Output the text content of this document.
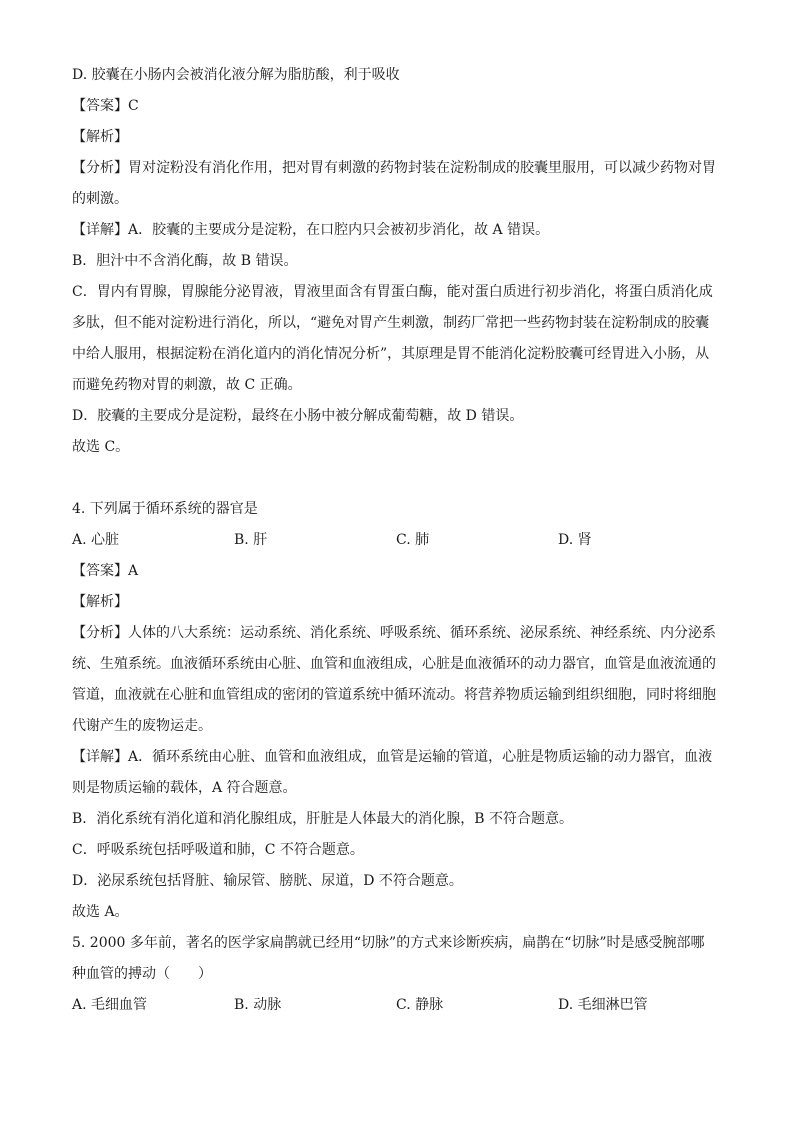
D. 胶囊在小肠内会被消化液分解为脂肪酸，利于吸收
【答案】C
【解析】
【分析】胃对淀粉没有消化作用，把对胃有刺激的药物封装在淀粉制成的胶囊里服用，可以减少药物对胃
的刺激。
【详解】A．胶囊的主要成分是淀粉，在口腔内只会被初步消化，故 A 错误。
B．胆汁中不含消化酶，故 B 错误。
C．胃内有胃腺，胃腺能分泌胃液，胃液里面含有胃蛋白酶，能对蛋白质进行初步消化，将蛋白质消化成
多肽，但不能对淀粉进行消化，所以，“避免对胃产生刺激，制药厂常把一些药物封装在淀粉制成的胶囊
中给人服用，根据淀粉在消化道内的消化情况分析”，其原理是胃不能消化淀粉胶囊可经胃进入小肠，从
而避免药物对胃的刺激，故 C 正确。
D．胶囊的主要成分是淀粉，最终在小肠中被分解成葡萄糖，故 D 错误。
故选 C。
4. 下列属于循环系统的器官是
A. 心脏	B. 肝	C. 肺	D. 肾
【答案】A
【解析】
【分析】人体的八大系统：运动系统、消化系统、呼吸系统、循环系统、泌尿系统、神经系统、内分泌系
统、生殖系统。血液循环系统由心脏、血管和血液组成，心脏是血液循环的动力器官，血管是血液流通的
管道，血液就在心脏和血管组成的密闭的管道系统中循环流动。将营养物质运输到组织细胞，同时将细胞
代谢产生的废物运走。
【详解】A．循环系统由心脏、血管和血液组成，血管是运输的管道，心脏是物质运输的动力器官，血液
则是物质运输的载体，A 符合题意。
B．消化系统有消化道和消化腺组成，肝脏是人体最大的消化腺，B 不符合题意。
C．呼吸系统包括呼吸道和肺，C 不符合题意。
D．泌尿系统包括肾脏、输尿管、膀胱、尿道，D 不符合题意。
故选 A。
5. 2000 多年前，著名的医学家扁鹊就已经用“切脉”的方式来诊断疾病，扁鹊在“切脉”时是感受腕部哪
种血管的搏动（　　）
A. 毛细血管	B. 动脉	C. 静脉	D. 毛细淋巴管
